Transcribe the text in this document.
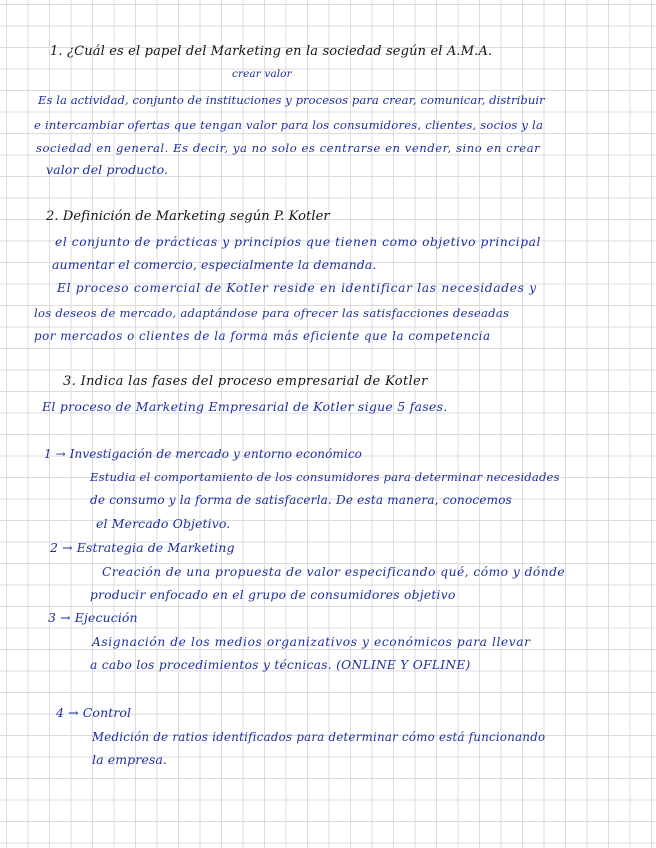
1. ¿Cuál es el papel del Marketing en la sociedad según el A.M.A.
crear valor
Es la actividad, conjunto de instituciones y procesos para crear, comunicar, distribuir
e intercambiar ofertas que tengan valor para los consumidores, clientes, socios y la
sociedad en general. Es decir, ya no solo es centrarse en vender, sino en crear
valor del producto.
2. Definición de Marketing según P. Kotler
el conjunto de prácticas y principios que tienen como objetivo principal
aumentar el comercio, especialmente la demanda.
El proceso comercial de Kotler reside en identificar las necesidades y
los deseos de mercado, adaptándose para ofrecer las satisfacciones deseadas
por mercados o clientes de la forma más eficiente que la competencia
3. Indica las fases del proceso empresarial de Kotler
El proceso de Marketing Empresarial de Kotler sigue 5 fases.
1 → Investigación de mercado y entorno económico
Estudia el comportamiento de los consumidores para determinar necesidades
de consumo y la forma de satisfacerla. De esta manera, conocemos
el Mercado Objetivo.
2 → Estrategia de Marketing
Creación de una propuesta de valor especificando qué, cómo y dónde
producir enfocado en el grupo de consumidores objetivo
3 → Ejecución
Asignación de los medios organizativos y económicos para llevar
a cabo los procedimientos y técnicas. (ONLINE Y OFLINE)
4 → Control
Medición de ratios identificados para determinar cómo está funcionando
la empresa.
